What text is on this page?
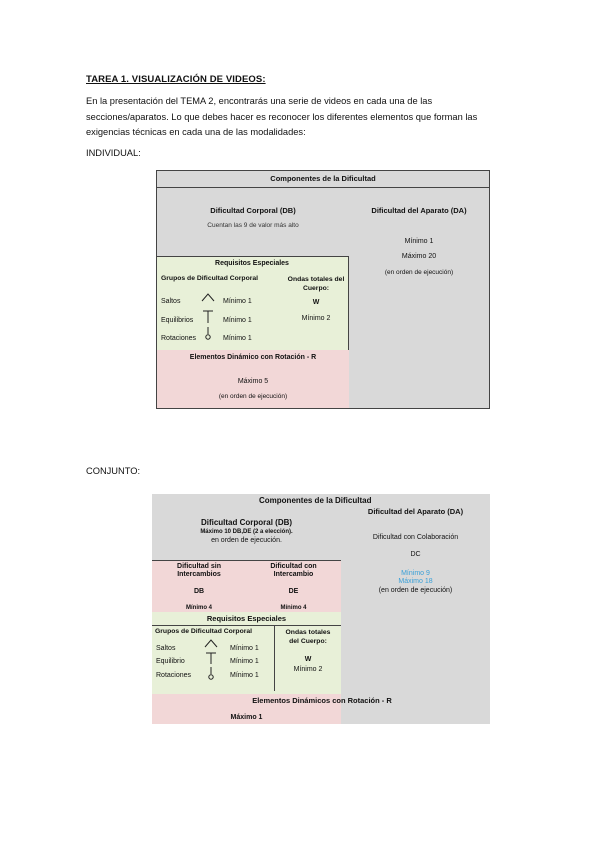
TAREA 1. VISUALIZACIÓN DE VIDEOS:
En la presentación del TEMA 2, encontrarás una serie de videos en cada una de las
secciones/aparatos. Lo que debes hacer es reconocer los diferentes elementos que forman las
exigencias técnicas en cada una de las modalidades:
INDIVIDUAL:
Componentes de la Dificultad
Dificultad Corporal (DB)
Cuentan las 9 de valor más alto
Requisitos Especiales
Grupos de Dificultad Corporal	Ondas totales del
Cuerpo:
W
Mínimo 2
Saltos	Mínimo 1
Equilibrios	Mínimo 1
Rotaciones	Mínimo 1
Elementos Dinámico con Rotación - R
Máximo 5
(en orden de ejecución)
Dificultad del Aparato (DA)
Mínimo 1
Máximo 20
(en orden de ejecución)
CONJUNTO:
Componentes de la Dificultad
Dificultad Corporal (DB)
Máximo 10 DB,DE (2 a elección).
en orden de ejecución.
Dificultad sin
Intercambios
DB
Mínimo 4
Dificultad con
Intercambio
DE
Mínimo 4
Requisitos Especiales
Grupos de Dificultad Corporal	Ondas totales
del Cuerpo:
W
Mínimo 2
Saltos	Mínimo 1
Equilibrio	Mínimo 1
Rotaciones	Mínimo 1
Elementos Dinámicos con Rotación - R
Máximo 1
Dificultad del Aparato (DA)
Dificultad con Colaboración
DC
Mínimo 9
Máximo 18
(en orden de ejecución)
